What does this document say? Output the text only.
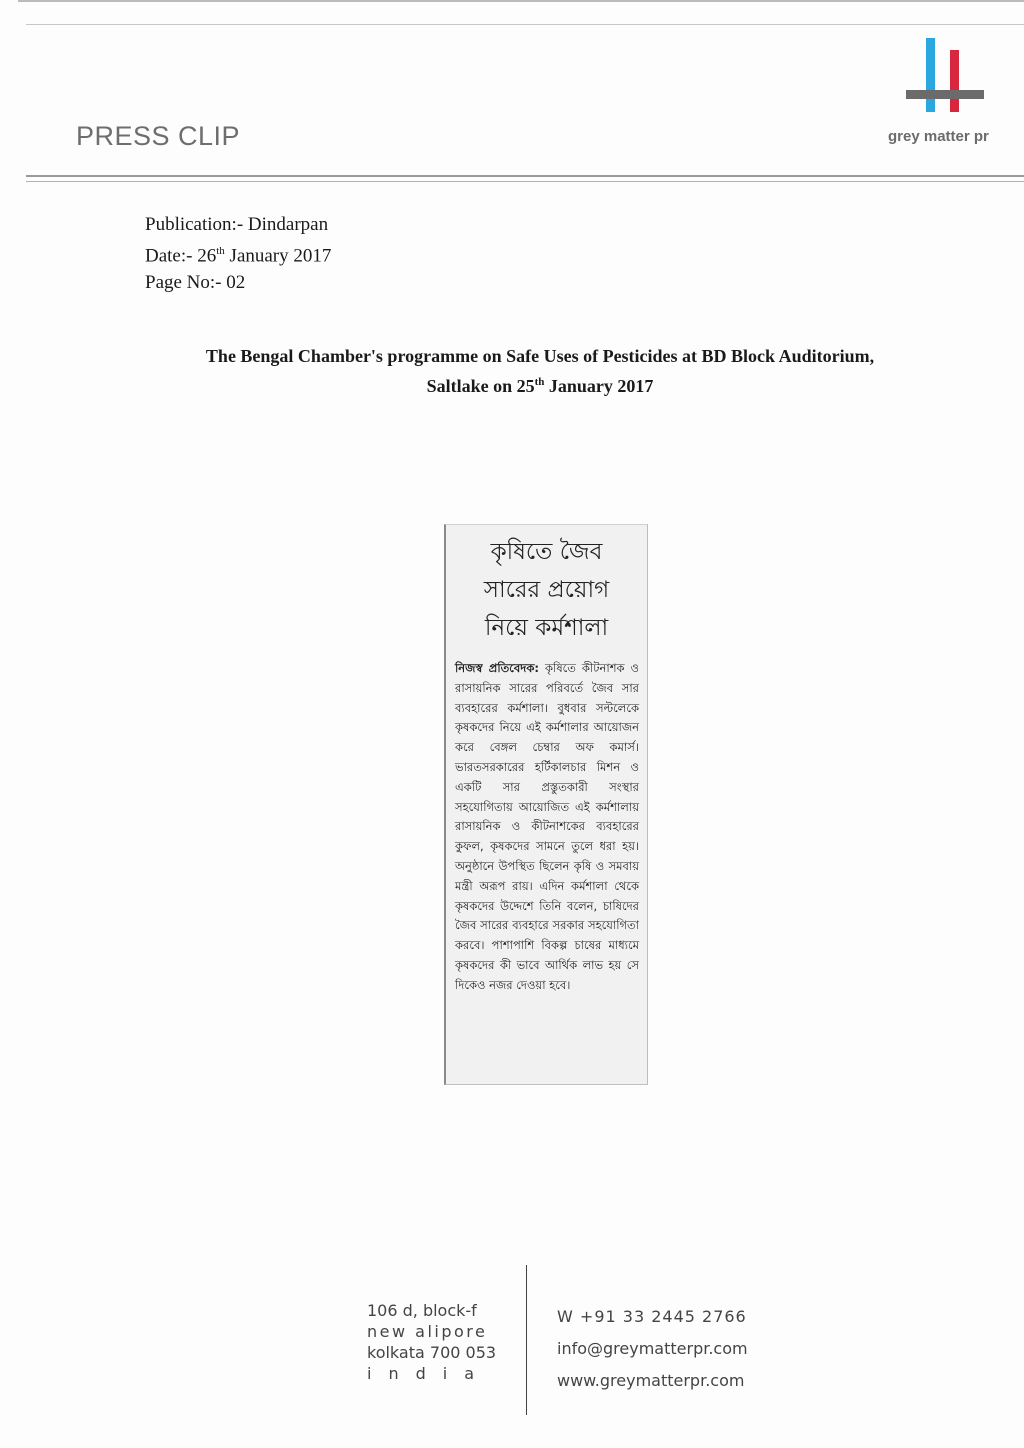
PRESS CLIP	grey matter pr
Publication:- Dindarpan
Date:- 26th January 2017
Page No:- 02
The Bengal Chamber's programme on Safe Uses of Pesticides at BD Block Auditorium,
Saltlake on 25th January 2017
কৃষিতে জৈব
সারের প্রয়োগ
নিয়ে কর্মশালা
নিজস্ব প্রতিবেদক: কৃষিতে কীটনাশক ও রাসায়নিক সারের পরিবর্তে জৈব সার ব্যবহারের কর্মশালা। বুধবার সল্টলেকে কৃষকদের নিয়ে এই কর্মশালার আয়োজন করে বেঙ্গল চেম্বার অফ কমার্স। ভারতসরকারের হর্টিকালচার মিশন ও একটি সার প্রস্তুতকারী সংস্থার সহযোগিতায় আয়োজিত এই কর্মশালায় রাসায়নিক ও কীটনাশকের ব্যবহারের কুফল, কৃষকদের সামনে তুলে ধরা হয়। অনুষ্ঠানে উপস্থিত ছিলেন কৃষি ও সমবায় মন্ত্রী অরূপ রায়। এদিন কর্মশালা থেকে কৃষকদের উদ্দেশে তিনি বলেন, চাষিদের জৈব সারের ব্যবহারে সরকার সহযোগিতা করবে। পাশাপাশি বিকল্প চাষের মাধ্যমে কৃষকদের কী ভাবে আর্থিক লাভ হয় সে দিকেও নজর দেওয়া হবে।
106 d, block-f
new alipore
kolkata 700 053
india
W +91 33 2445 2766
info@greymatterpr.com
www.greymatterpr.com
